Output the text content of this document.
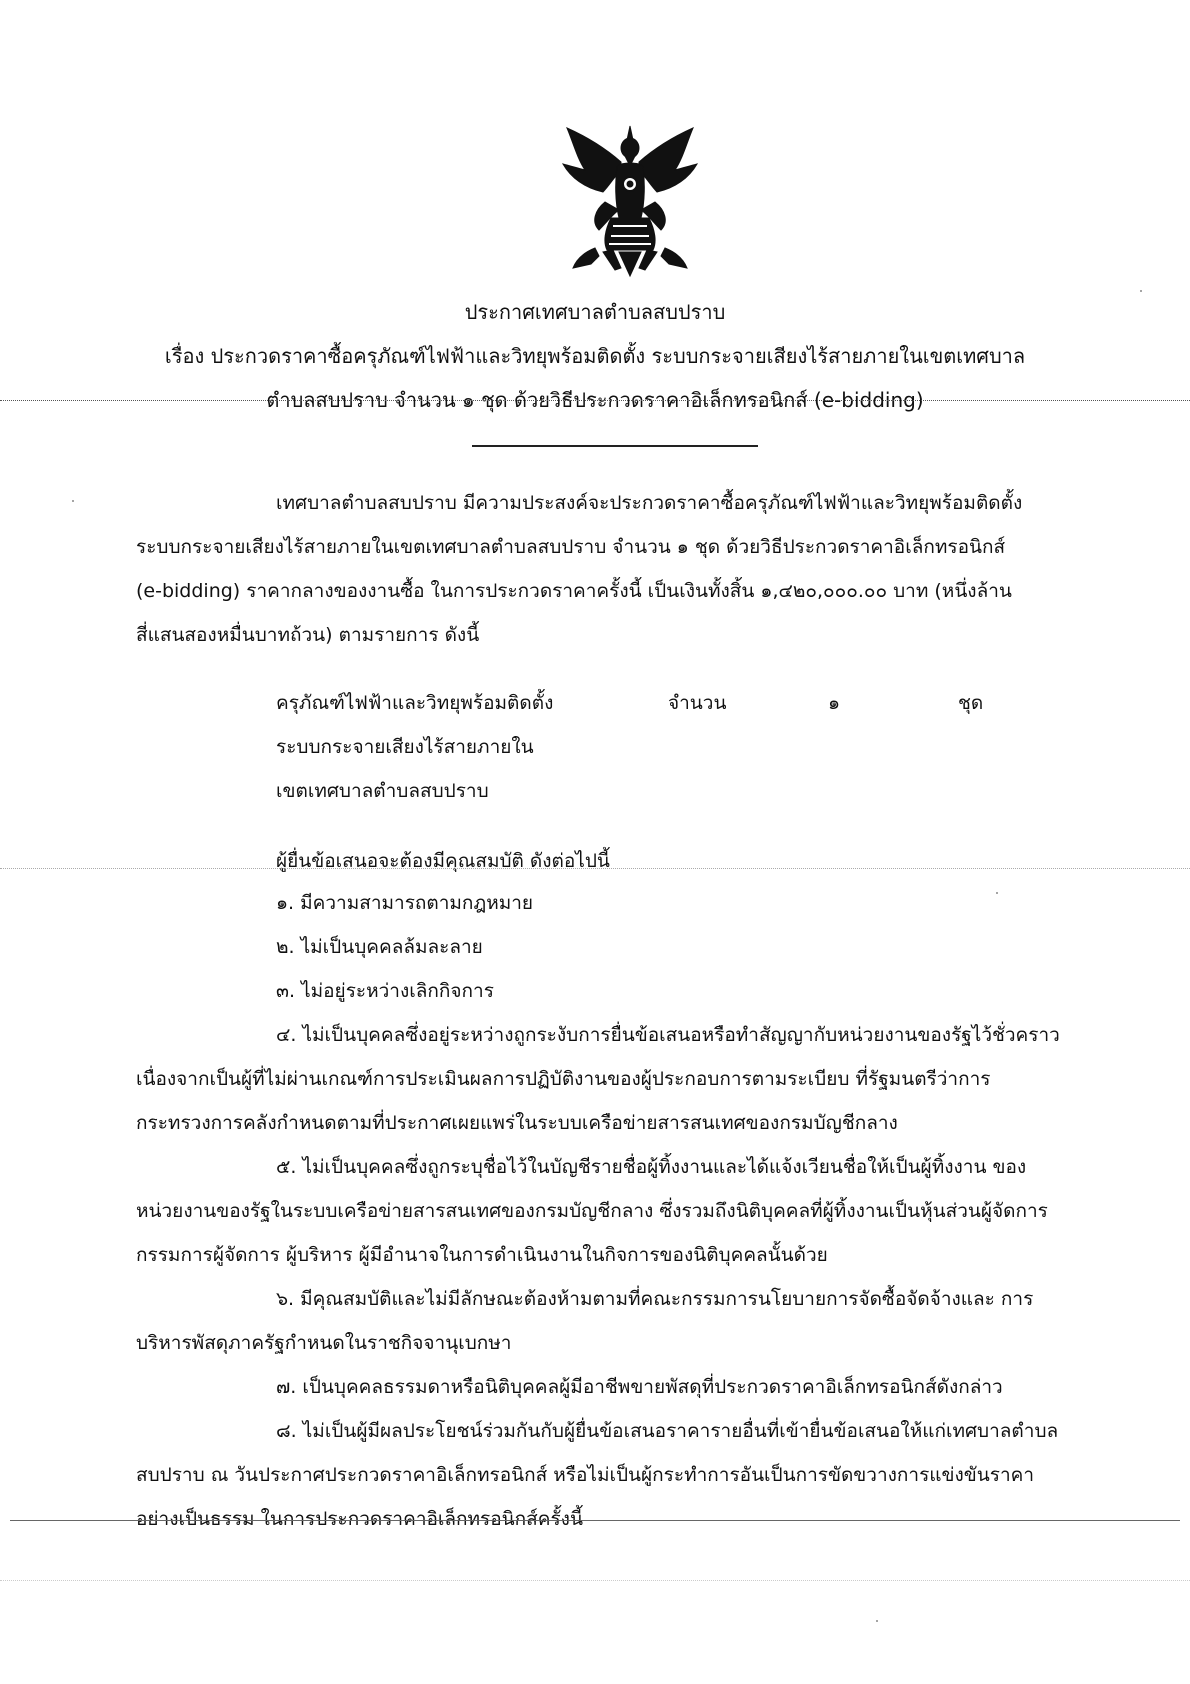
ประกาศเทศบาลตำบลสบปราบ
เรื่อง ประกวดราคาซื้อครุภัณฑ์ไฟฟ้าและวิทยุพร้อมติดตั้ง ระบบกระจายเสียงไร้สายภายในเขตเทศบาล
ตำบลสบปราบ จำนวน ๑ ชุด ด้วยวิธีประกวดราคาอิเล็กทรอนิกส์ (e-bidding)
เทศบาลตำบลสบปราบ มีความประสงค์จะประกวดราคาซื้อครุภัณฑ์ไฟฟ้าและวิทยุพร้อมติดตั้ง
ระบบกระจายเสียงไร้สายภายในเขตเทศบาลตำบลสบปราบ จำนวน ๑ ชุด ด้วยวิธีประกวดราคาอิเล็กทรอนิกส์
(e-bidding) ราคากลางของงานซื้อ ในการประกวดราคาครั้งนี้ เป็นเงินทั้งสิ้น ๑,๔๒๐,๐๐๐.๐๐ บาท (หนึ่งล้าน
สี่แสนสองหมื่นบาทถ้วน) ตามรายการ ดังนี้
ครุภัณฑ์ไฟฟ้าและวิทยุพร้อมติดตั้ง
ระบบกระจายเสียงไร้สายภายใน
เขตเทศบาลตำบลสบปราบ
จำนวน	๑	ชุด
ผู้ยื่นข้อเสนอจะต้องมีคุณสมบัติ ดังต่อไปนี้
๑. มีความสามารถตามกฎหมาย
๒. ไม่เป็นบุคคลล้มละลาย
๓. ไม่อยู่ระหว่างเลิกกิจการ
๔. ไม่เป็นบุคคลซึ่งอยู่ระหว่างถูกระงับการยื่นข้อเสนอหรือทำสัญญากับหน่วยงานของรัฐไว้ชั่วคราว
เนื่องจากเป็นผู้ที่ไม่ผ่านเกณฑ์การประเมินผลการปฏิบัติงานของผู้ประกอบการตามระเบียบ ที่รัฐมนตรีว่าการ
กระทรวงการคลังกำหนดตามที่ประกาศเผยแพร่ในระบบเครือข่ายสารสนเทศของกรมบัญชีกลาง
๕. ไม่เป็นบุคคลซึ่งถูกระบุชื่อไว้ในบัญชีรายชื่อผู้ทิ้งงานและได้แจ้งเวียนชื่อให้เป็นผู้ทิ้งงาน ของ
หน่วยงานของรัฐในระบบเครือข่ายสารสนเทศของกรมบัญชีกลาง ซึ่งรวมถึงนิติบุคคลที่ผู้ทิ้งงานเป็นหุ้นส่วนผู้จัดการ
กรรมการผู้จัดการ ผู้บริหาร ผู้มีอำนาจในการดำเนินงานในกิจการของนิติบุคคลนั้นด้วย
๖. มีคุณสมบัติและไม่มีลักษณะต้องห้ามตามที่คณะกรรมการนโยบายการจัดซื้อจัดจ้างและ การ
บริหารพัสดุภาครัฐกำหนดในราชกิจจานุเบกษา
๗. เป็นบุคคลธรรมดาหรือนิติบุคคลผู้มีอาชีพขายพัสดุที่ประกวดราคาอิเล็กทรอนิกส์ดังกล่าว
๘. ไม่เป็นผู้มีผลประโยชน์ร่วมกันกับผู้ยื่นข้อเสนอราคารายอื่นที่เข้ายื่นข้อเสนอให้แก่เทศบาลตำบล
สบปราบ ณ วันประกาศประกวดราคาอิเล็กทรอนิกส์ หรือไม่เป็นผู้กระทำการอันเป็นการขัดขวางการแข่งขันราคา
อย่างเป็นธรรม ในการประกวดราคาอิเล็กทรอนิกส์ครั้งนี้
